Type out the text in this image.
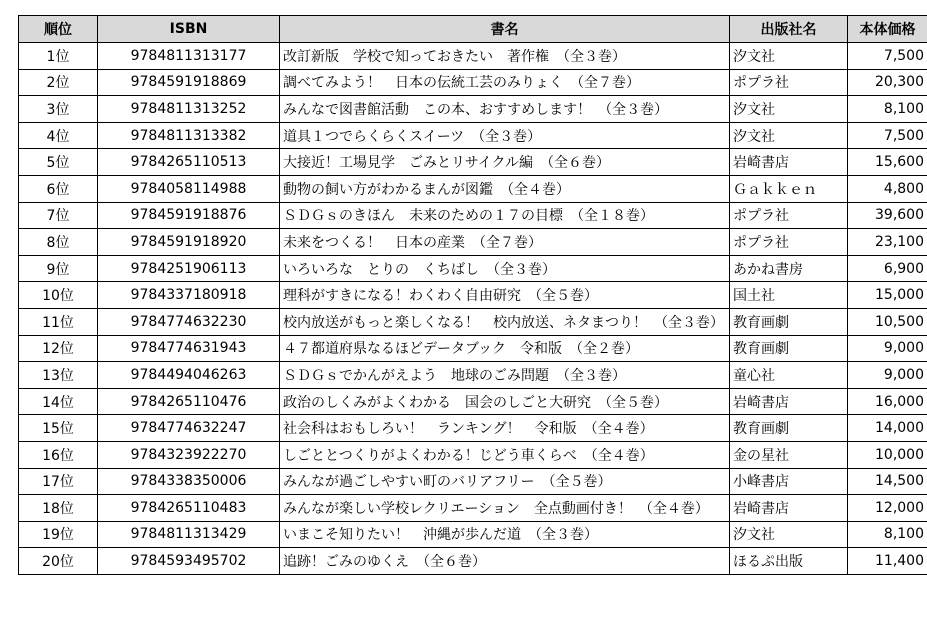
順位	ISBN	書名	出版社名	本体価格
1位	9784811313177	改訂新版　学校で知っておきたい　著作権　（全３巻）	汐文社	7,500
2位	9784591918869	調べてみよう！　日本の伝統工芸のみりょく　（全７巻）	ポプラ社	20,300
3位	9784811313252	みんなで図書館活動　この本、おすすめします！　（全３巻）	汐文社	8,100
4位	9784811313382	道具１つでらくらくスイーツ　（全３巻）	汐文社	7,500
5位	9784265110513	大接近！工場見学　ごみとリサイクル編　（全６巻）	岩崎書店	15,600
6位	9784058114988	動物の飼い方がわかるまんが図鑑　（全４巻）	Ｇａｋｋｅｎ	4,800
7位	9784591918876	ＳＤＧｓのきほん　未来のための１７の目標　（全１８巻）	ポプラ社	39,600
8位	9784591918920	未来をつくる！　日本の産業　（全７巻）	ポプラ社	23,100
9位	9784251906113	いろいろな　とりの　くちばし　（全３巻）	あかね書房	6,900
10位	9784337180918	理科がすきになる！わくわく自由研究　（全５巻）	国土社	15,000
11位	9784774632230	校内放送がもっと楽しくなる！　校内放送、ネタまつり！　（全３巻）	教育画劇	10,500
12位	9784774631943	４７都道府県なるほどデータブック　令和版　（全２巻）	教育画劇	9,000
13位	9784494046263	ＳＤＧｓでかんがえよう　地球のごみ問題　（全３巻）	童心社	9,000
14位	9784265110476	政治のしくみがよくわかる　国会のしごと大研究　（全５巻）	岩崎書店	16,000
15位	9784774632247	社会科はおもしろい！　ランキング！　令和版　（全４巻）	教育画劇	14,000
16位	9784323922270	しごととつくりがよくわかる！じどう車くらべ　（全４巻）	金の星社	10,000
17位	9784338350006	みんなが過ごしやすい町のバリアフリー　（全５巻）	小峰書店	14,500
18位	9784265110483	みんなが楽しい学校レクリエーション　全点動画付き！　（全４巻）	岩崎書店	12,000
19位	9784811313429	いまこそ知りたい！　沖縄が歩んだ道　（全３巻）	汐文社	8,100
20位	9784593495702	追跡！ごみのゆくえ　（全６巻）	ほるぷ出版	11,400
